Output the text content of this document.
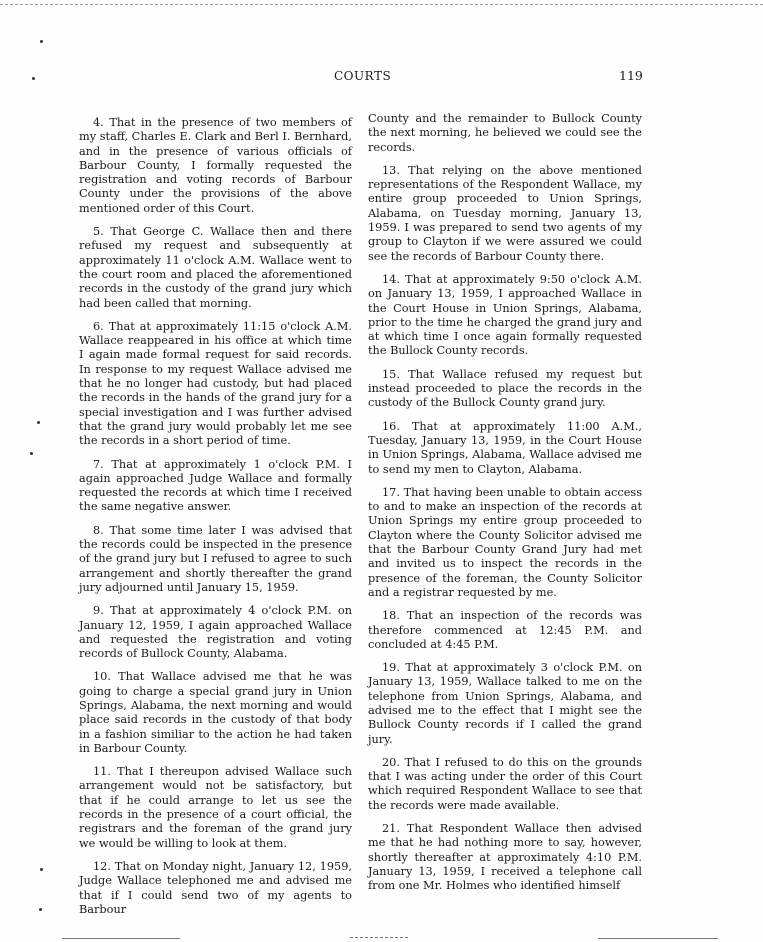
COURTS	119

4. That in the presence of two members of my staff, Charles E. Clark and Berl I. Bernhard, and in the presence of various officials of Barbour County, I formally requested the registration and voting records of Barbour County under the provisions of the above mentioned order of this Court.

5. That George C. Wallace then and there refused my request and subsequently at approximately 11 o'clock A.M. Wallace went to the court room and placed the aforementioned records in the custody of the grand jury which had been called that morning.

6. That at approximately 11:15 o'clock A.M. Wallace reappeared in his office at which time I again made formal request for said records. In response to my request Wallace advised me that he no longer had custody, but had placed the records in the hands of the grand jury for a special investigation and I was further advised that the grand jury would probably let me see the records in a short period of time.

7. That at approximately 1 o'clock P.M. I again approached Judge Wallace and formally requested the records at which time I received the same negative answer.

8. That some time later I was advised that the records could be inspected in the presence of the grand jury but I refused to agree to such arrangement and shortly thereafter the grand jury adjourned until January 15, 1959.

9. That at approximately 4 o'clock P.M. on January 12, 1959, I again approached Wallace and requested the registration and voting records of Bullock County, Alabama.

10. That Wallace advised me that he was going to charge a special grand jury in Union Springs, Alabama, the next morning and would place said records in the custody of that body in a fashion similiar to the action he had taken in Barbour County.

11. That I thereupon advised Wallace such arrangement would not be satisfactory, but that if he could arrange to let us see the records in the presence of a court official, the registrars and the foreman of the grand jury we would be willing to look at them.

12. That on Monday night, January 12, 1959, Judge Wallace telephoned me and advised me that if I could send two of my agents to Barbour

County and the remainder to Bullock County the next morning, he believed we could see the records.

13. That relying on the above mentioned representations of the Respondent Wallace, my entire group proceeded to Union Springs, Alabama, on Tuesday morning, January 13, 1959. I was prepared to send two agents of my group to Clayton if we were assured we could see the records of Barbour County there.

14. That at approximately 9:50 o'clock A.M. on January 13, 1959, I approached Wallace in the Court House in Union Springs, Alabama, prior to the time he charged the grand jury and at which time I once again formally requested the Bullock County records.

15. That Wallace refused my request but instead proceeded to place the records in the custody of the Bullock County grand jury.

16. That at approximately 11:00 A.M., Tuesday, January 13, 1959, in the Court House in Union Springs, Alabama, Wallace advised me to send my men to Clayton, Alabama.

17. That having been unable to obtain access to and to make an inspection of the records at Union Springs my entire group proceeded to Clayton where the County Solicitor advised me that the Barbour County Grand Jury had met and invited us to inspect the records in the presence of the foreman, the County Solicitor and a registrar requested by me.

18. That an inspection of the records was therefore commenced at 12:45 P.M. and concluded at 4:45 P.M.

19. That at approximately 3 o'clock P.M. on January 13, 1959, Wallace talked to me on the telephone from Union Springs, Alabama, and advised me to the effect that I might see the Bullock County records if I called the grand jury.

20. That I refused to do this on the grounds that I was acting under the order of this Court which required Respondent Wallace to see that the records were made available.

21. That Respondent Wallace then advised me that he had nothing more to say, however, shortly thereafter at approximately 4:10 P.M. January 13, 1959, I received a telephone call from one Mr. Holmes who identified himself
